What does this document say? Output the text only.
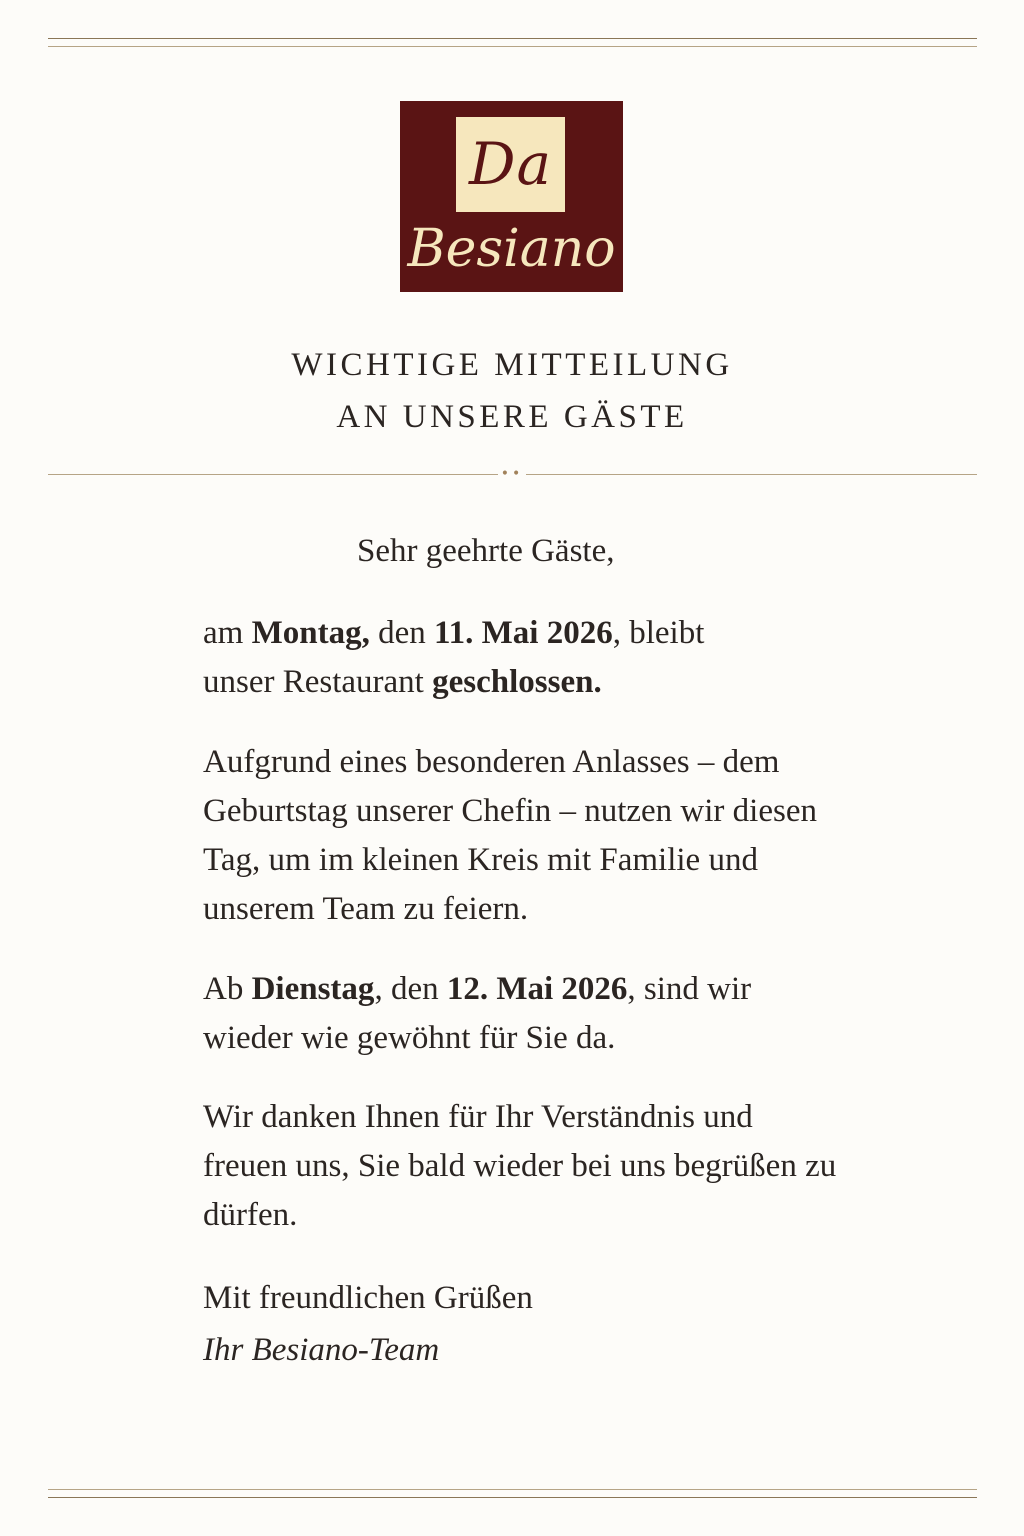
Da
Besiano
WICHTIGE MITTEILUNG
AN UNSERE GÄSTE
••
Sehr geehrte Gäste,
am Montag, den 11. Mai 2026, bleibt
unser Restaurant geschlossen.
Aufgrund eines besonderen Anlasses – dem
Geburtstag unserer Chefin – nutzen wir diesen
Tag, um im kleinen Kreis mit Familie und
unserem Team zu feiern.
Ab Dienstag, den 12. Mai 2026, sind wir
wieder wie gewöhnt für Sie da.
Wir danken Ihnen für Ihr Verständnis und
freuen uns, Sie bald wieder bei uns begrüßen zu
dürfen.
Mit freundlichen Grüßen
Ihr Besiano-Team
